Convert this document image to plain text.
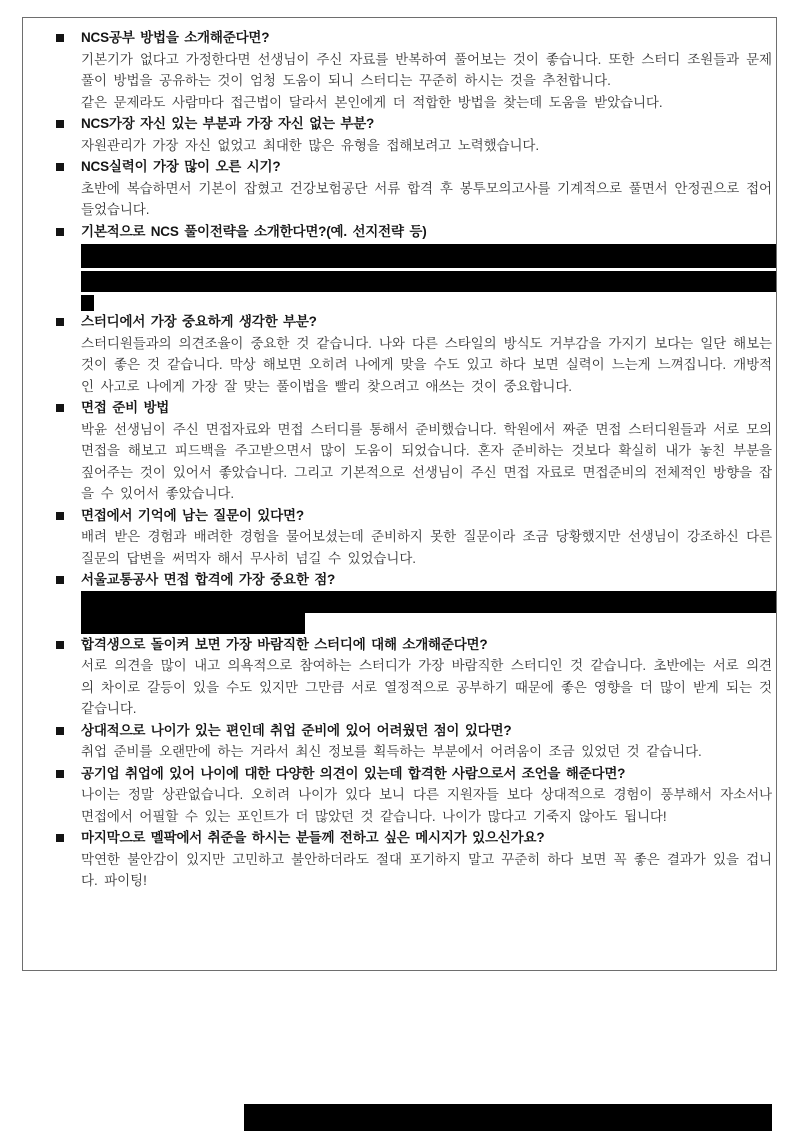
NCS공부 방법을 소개해준다면?

기본기가 없다고 가정한다면 선생님이 주신 자료를 반복하여 풀어보는 것이 좋습니다. 또한 스터디 조원들과 문제풀이 방법을 공유하는 것이 엄청 도움이 되니 스터디는 꾸준히 하시는 것을 추천합니다.

같은 문제라도 사람마다 접근법이 달라서 본인에게 더 적합한 방법을 찾는데 도움을 받았습니다.

NCS가장 자신 있는 부분과 가장 자신 없는 부분?

자원관리가 가장 자신 없었고 최대한 많은 유형을 접해보려고 노력했습니다.

NCS실력이 가장 많이 오른 시기?

초반에 복습하면서 기본이 잡혔고 건강보험공단 서류 합격 후 봉투모의고사를 기계적으로 풀면서 안정권으로 접어들었습니다.

기본적으로 NCS 풀이전략을 소개한다면?(예. 선지전략 등)
스터디에서 가장 중요하게 생각한 부분?

스터디원들과의 의견조율이 중요한 것 같습니다. 나와 다른 스타일의 방식도 거부감을 가지기 보다는 일단 해보는 것이 좋은 것 같습니다. 막상 해보면 오히려 나에게 맞을 수도 있고 하다 보면 실력이 느는게 느껴집니다. 개방적인 사고로 나에게 가장 잘 맞는 풀이법을 빨리 찾으려고 애쓰는 것이 중요합니다.

면접 준비 방법

박윤 선생님이 주신 면접자료와 면접 스터디를 통해서 준비했습니다. 학원에서 짜준 면접 스터디원들과 서로 모의면접을 해보고 피드백을 주고받으면서 많이 도움이 되었습니다. 혼자 준비하는 것보다 확실히 내가 놓친 부분을 짚어주는 것이 있어서 좋았습니다. 그리고 기본적으로 선생님이 주신 면접 자료로 면접준비의 전체적인 방향을 잡을 수 있어서 좋았습니다.

면접에서 기억에 남는 질문이 있다면?

배려 받은 경험과 배려한 경험을 물어보셨는데 준비하지 못한 질문이라 조금 당황했지만 선생님이 강조하신 다른 질문의 답변을 써먹자 해서 무사히 넘길 수 있었습니다.

서울교통공사 면접 합격에 가장 중요한 점?
합격생으로 돌이켜 보면 가장 바람직한 스터디에 대해 소개해준다면?

서로 의견을 많이 내고 의욕적으로 참여하는 스터디가 가장 바람직한 스터디인 것 같습니다. 초반에는 서로 의견의 차이로 갈등이 있을 수도 있지만 그만큼 서로 열정적으로 공부하기 때문에 좋은 영향을 더 많이 받게 되는 것 같습니다.

상대적으로 나이가 있는 편인데 취업 준비에 있어 어려웠던 점이 있다면?

취업 준비를 오랜만에 하는 거라서 최신 정보를 획득하는 부분에서 어려움이 조금 있었던 것 같습니다.

공기업 취업에 있어 나이에 대한 다양한 의견이 있는데 합격한 사람으로서 조언을 해준다면?

나이는 정말 상관없습니다. 오히려 나이가 있다 보니 다른 지원자들 보다 상대적으로 경험이 풍부해서 자소서나 면접에서 어필할 수 있는 포인트가 더 많았던 것 같습니다. 나이가 많다고 기죽지 않아도 됩니다!

마지막으로 멜팍에서 취준을 하시는 분들께 전하고 싶은 메시지가 있으신가요?

막연한 불안감이 있지만 고민하고 불안하더라도 절대 포기하지 말고 꾸준히 하다 보면 꼭 좋은 결과가 있을 겁니다. 파이팅!
